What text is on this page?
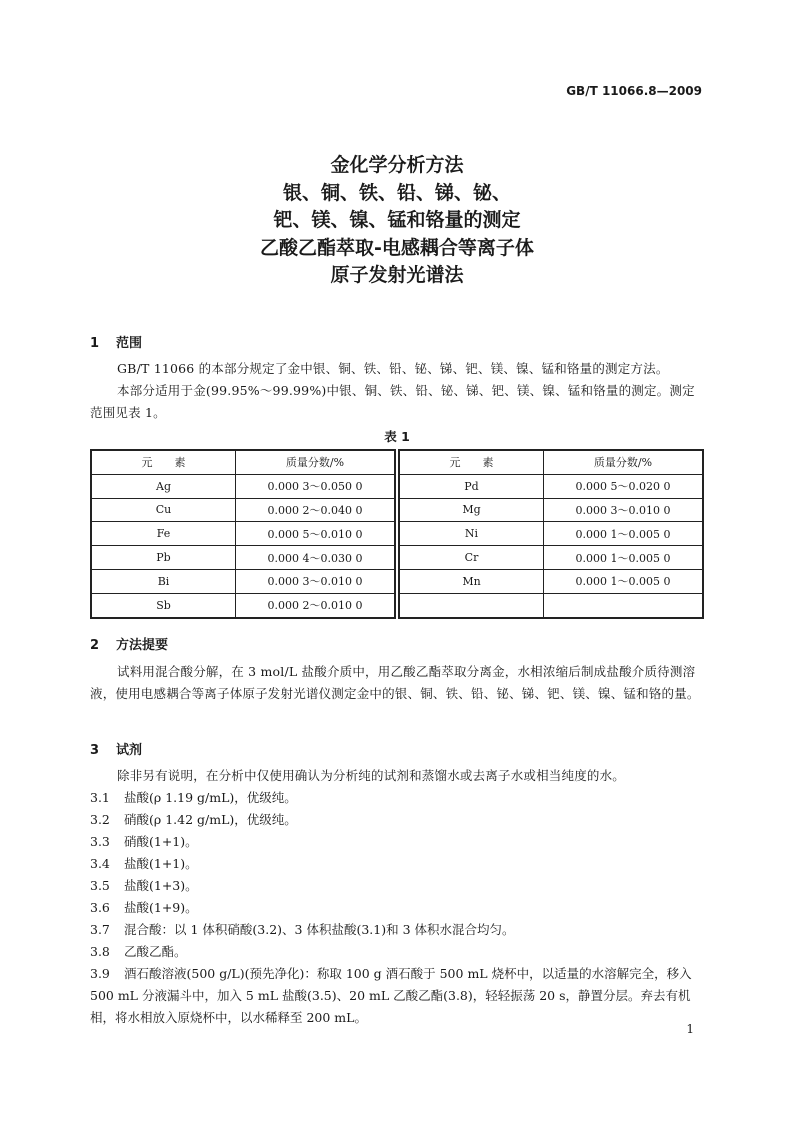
GB/T 11066.8—2009
金化学分析方法
银、铜、铁、铅、锑、铋、
钯、镁、镍、锰和铬量的测定
乙酸乙酯萃取-电感耦合等离子体
原子发射光谱法
1 范围
GB/T 11066 的本部分规定了金中银、铜、铁、铅、铋、锑、钯、镁、镍、锰和铬量的测定方法。
本部分适用于金(99.95%～99.99%)中银、铜、铁、铅、铋、锑、钯、镁、镍、锰和铬量的测定。测定范围见表 1。
表 1
元　　素	质量分数/%
Ag	0.000 3～0.050 0
Cu	0.000 2～0.040 0
Fe	0.000 5～0.010 0
Pb	0.000 4～0.030 0
Bi	0.000 3～0.010 0
Sb	0.000 2～0.010 0
元　　素	质量分数/%
Pd	0.000 5～0.020 0
Mg	0.000 3～0.010 0
Ni	0.000 1～0.005 0
Cr	0.000 1～0.005 0
Mn	0.000 1～0.005 0

2 方法提要
试料用混合酸分解，在 3 mol/L 盐酸介质中，用乙酸乙酯萃取分离金，水相浓缩后制成盐酸介质待测溶液，使用电感耦合等离子体原子发射光谱仪测定金中的银、铜、铁、铅、铋、锑、钯、镁、镍、锰和铬的量。
3 试剂
除非另有说明，在分析中仅使用确认为分析纯的试剂和蒸馏水或去离子水或相当纯度的水。
3.1 盐酸(ρ 1.19 g/mL)，优级纯。
3.2 硝酸(ρ 1.42 g/mL)，优级纯。
3.3 硝酸(1+1)。
3.4 盐酸(1+1)。
3.5 盐酸(1+3)。
3.6 盐酸(1+9)。
3.7 混合酸：以 1 体积硝酸(3.2)、3 体积盐酸(3.1)和 3 体积水混合均匀。
3.8 乙酸乙酯。
3.9 酒石酸溶液(500 g/L)(预先净化)：称取 100 g 酒石酸于 500 mL 烧杯中，以适量的水溶解完全，移入 500 mL 分液漏斗中，加入 5 mL 盐酸(3.5)、20 mL 乙酸乙酯(3.8)，轻轻振荡 20 s，静置分层。弃去有机相，将水相放入原烧杯中，以水稀释至 200 mL。
1
